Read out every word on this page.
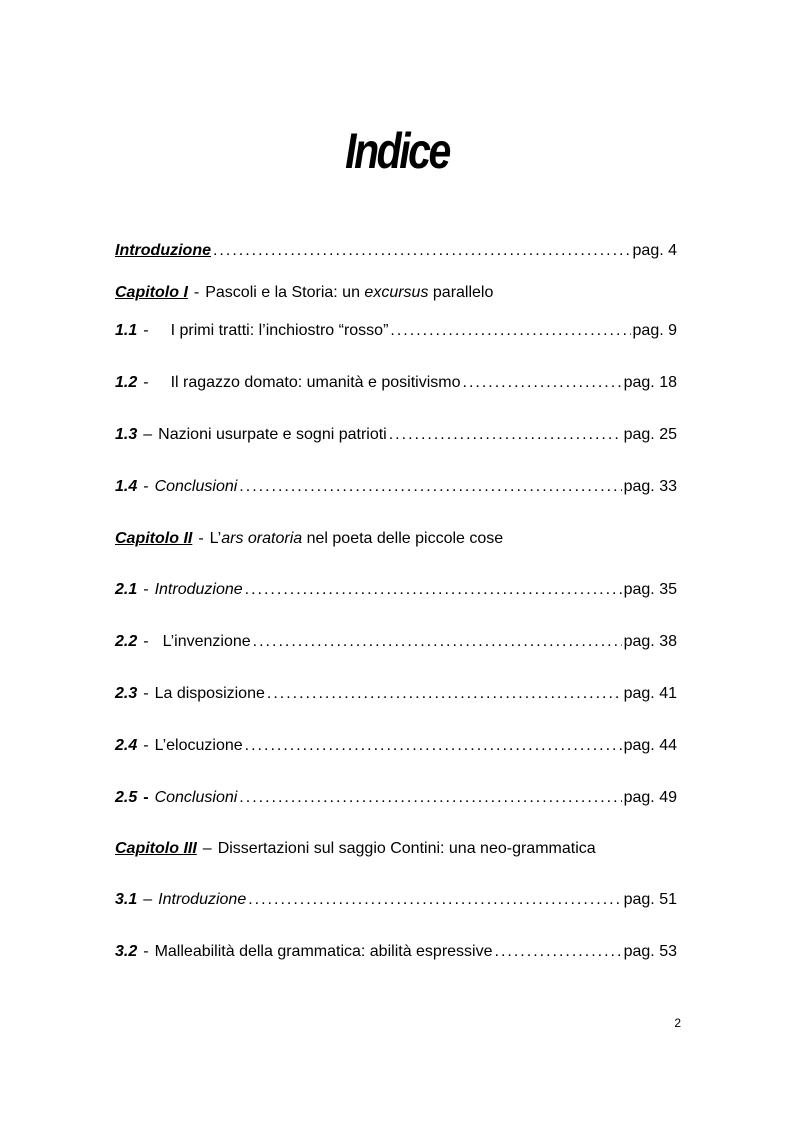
Indice
Introduzione .....	pag. 4
Capitolo I - Pascoli e la Storia: un excursus parallelo
1.1 - I primi tratti: l’inchiostro “rosso” .....	pag. 9
1.2 - Il ragazzo domato: umanità e positivismo .....	pag. 18
1.3 – Nazioni usurpate e sogni patrioti .....	pag. 25
1.4 - Conclusioni .....	pag. 33
Capitolo II - L’ars oratoria nel poeta delle piccole cose
2.1 - Introduzione .....	pag. 35
2.2 - L’invenzione .....	pag. 38
2.3 - La disposizione .....	pag. 41
2.4 - L’elocuzione .....	pag. 44
2.5 - Conclusioni .....	pag. 49
Capitolo III – Dissertazioni sul saggio Contini: una neo-grammatica
3.1 – Introduzione .....	pag. 51
3.2 - Malleabilità della grammatica: abilità espressive .....	pag. 53
2
